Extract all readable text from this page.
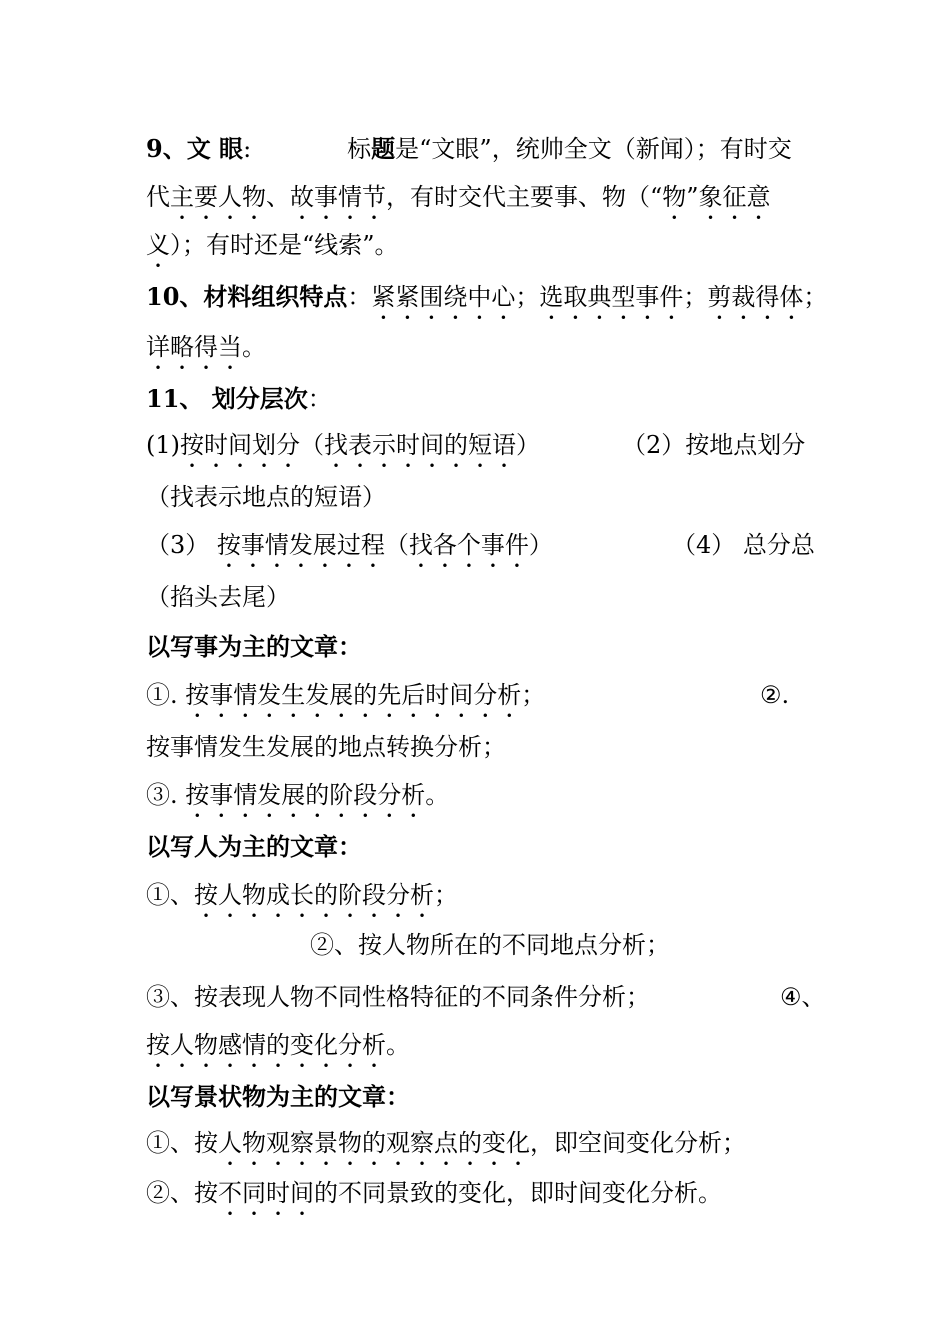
9、文 眼:	标题是“文眼”，统帅全文（新闻）；有时交
代主要人物、故事情节，有时交代主要事、物（“物”象征意
义）；有时还是“线索”。
10、材料组织特点：紧紧围绕中心；选取典型事件；剪裁得体；
详略得当。
11、 划分层次：
(1)按时间划分（找表示时间的短语）	（2）按地点划分
（找表示地点的短语）
（3） 按事情发展过程（找各个事件）	（4） 总分总
（掐头去尾）
以写事为主的文章：
①. 按事情发生发展的先后时间分析；	②.
按事情发生发展的地点转换分析；
③. 按事情发展的阶段分析。
以写人为主的文章：
①、按人物成长的阶段分析；
②、按人物所在的不同地点分析；
③、按表现人物不同性格特征的不同条件分析；	④、
按人物感情的变化分析。
以写景状物为主的文章：
①、按人物观察景物的观察点的变化，即空间变化分析；
②、按不同时间的不同景致的变化，即时间变化分析。
